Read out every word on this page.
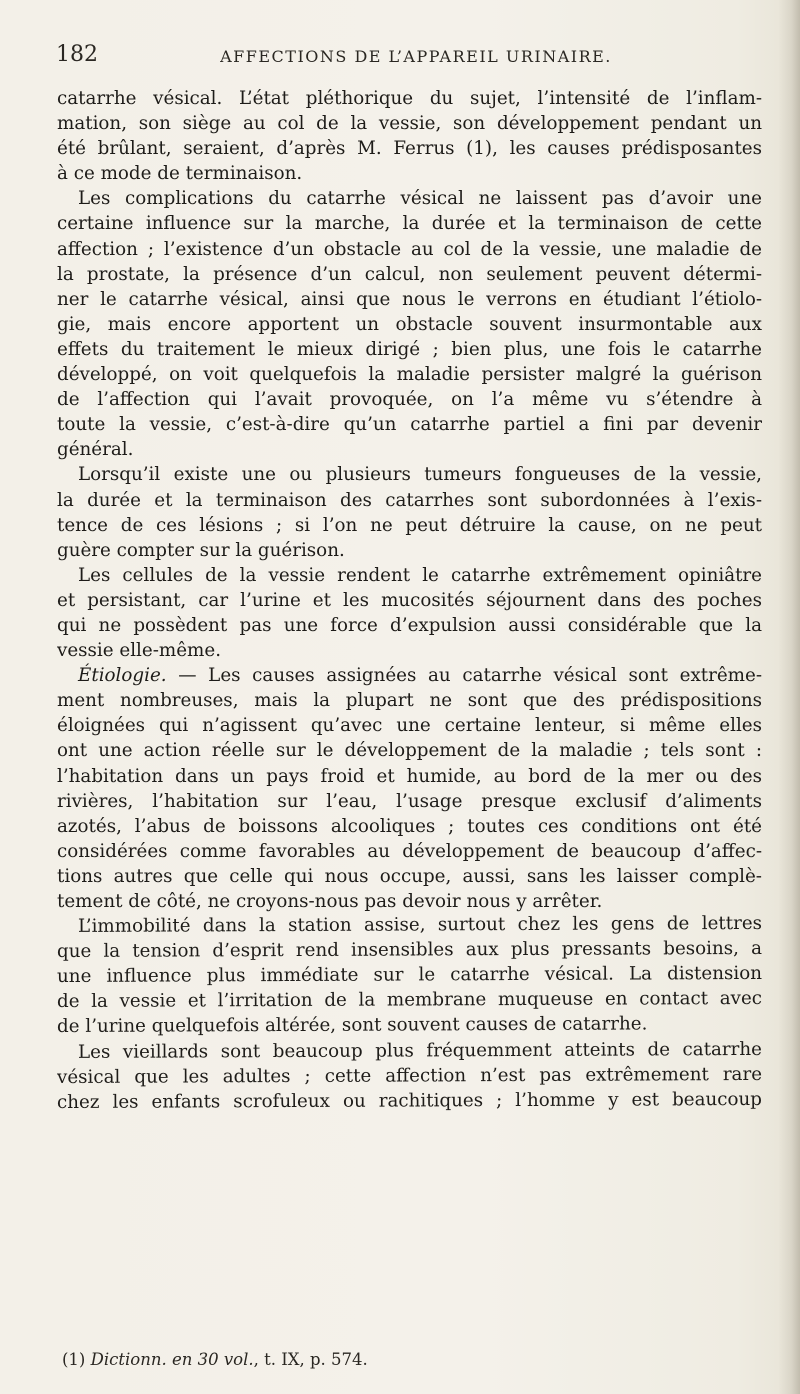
182	AFFECTIONS DE L’APPAREIL URINAIRE.
catarrhe vésical. L’état pléthorique du sujet, l’intensité de l’inflam-
mation, son siège au col de la vessie, son développement pendant un
été brûlant, seraient, d’après M. Ferrus (1), les causes prédisposantes
à ce mode de terminaison.
Les complications du catarrhe vésical ne laissent pas d’avoir une
certaine influence sur la marche, la durée et la terminaison de cette
affection ; l’existence d’un obstacle au col de la vessie, une maladie de
la prostate, la présence d’un calcul, non seulement peuvent détermi-
ner le catarrhe vésical, ainsi que nous le verrons en étudiant l’étiolo-
gie, mais encore apportent un obstacle souvent insurmontable aux
effets du traitement le mieux dirigé ; bien plus, une fois le catarrhe
développé, on voit quelquefois la maladie persister malgré la guérison
de l’affection qui l’avait provoquée, on l’a même vu s’étendre à
toute la vessie, c’est-à-dire qu’un catarrhe partiel a fini par devenir
général.
Lorsqu’il existe une ou plusieurs tumeurs fongueuses de la vessie,
la durée et la terminaison des catarrhes sont subordonnées à l’exis-
tence de ces lésions ; si l’on ne peut détruire la cause, on ne peut
guère compter sur la guérison.
Les cellules de la vessie rendent le catarrhe extrêmement opiniâtre
et persistant, car l’urine et les mucosités séjournent dans des poches
qui ne possèdent pas une force d’expulsion aussi considérable que la
vessie elle-même.
Étiologie. — Les causes assignées au catarrhe vésical sont extrême-
ment nombreuses, mais la plupart ne sont que des prédispositions
éloignées qui n’agissent qu’avec une certaine lenteur, si même elles
ont une action réelle sur le développement de la maladie ; tels sont :
l’habitation dans un pays froid et humide, au bord de la mer ou des
rivières, l’habitation sur l’eau, l’usage presque exclusif d’aliments
azotés, l’abus de boissons alcooliques ; toutes ces conditions ont été
considérées comme favorables au développement de beaucoup d’affec-
tions autres que celle qui nous occupe, aussi, sans les laisser complè-
tement de côté, ne croyons-nous pas devoir nous y arrêter.
L’immobilité dans la station assise, surtout chez les gens de lettres
que la tension d’esprit rend insensibles aux plus pressants besoins, a
une influence plus immédiate sur le catarrhe vésical. La distension
de la vessie et l’irritation de la membrane muqueuse en contact avec
de l’urine quelquefois altérée, sont souvent causes de catarrhe.
Les vieillards sont beaucoup plus fréquemment atteints de catarrhe
vésical que les adultes ; cette affection n’est pas extrêmement rare
chez les enfants scrofuleux ou rachitiques ; l’homme y est beaucoup
(1) Dictionn. en 30 vol., t. IX, p. 574.
